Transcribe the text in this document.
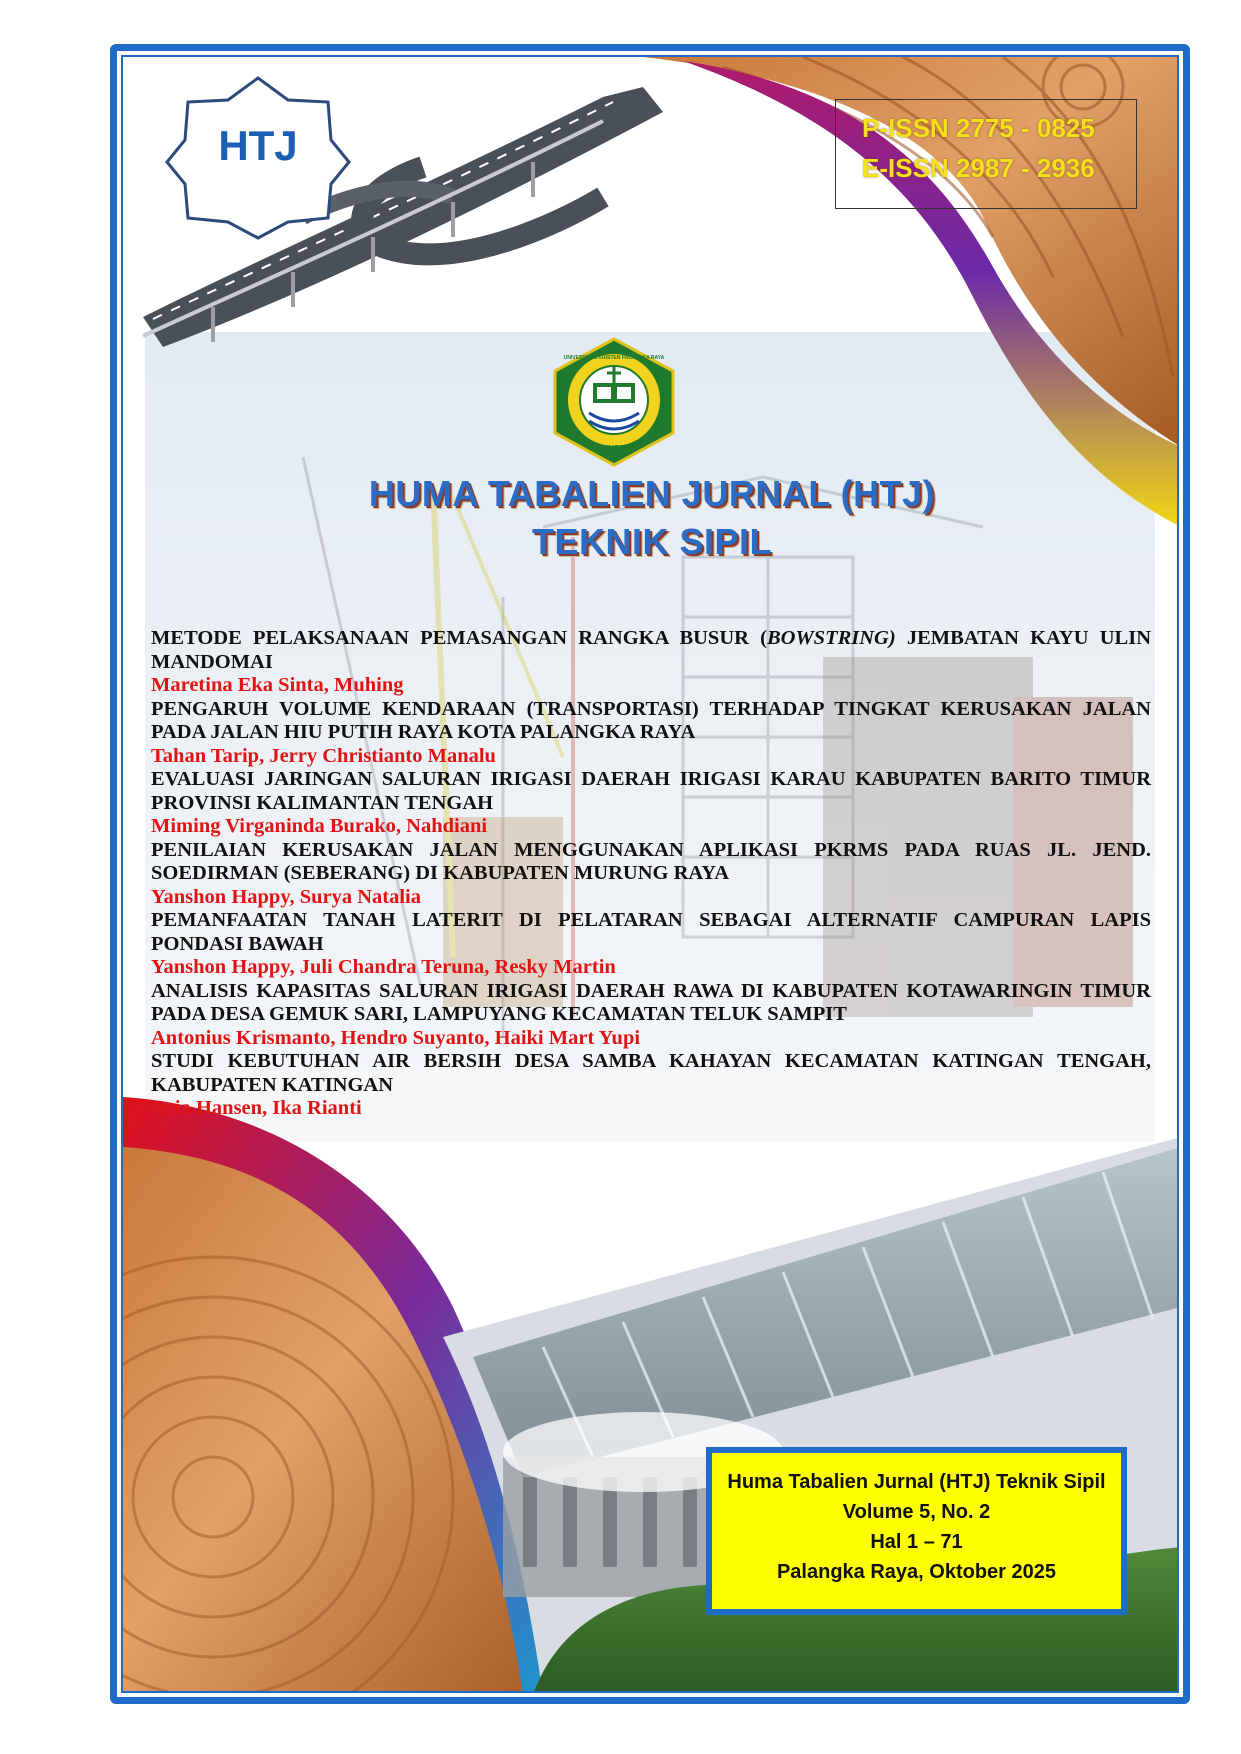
HTJ	P-ISSN 2775 - 0825
E-ISSN 2987 - 2936
UNIVERSITAS KRISTEN PALANGKA RAYA
UKPR
HUMA TABALIEN JURNAL (HTJ)
TEKNIK SIPIL
METODE PELAKSANAAN PEMASANGAN RANGKA BUSUR (BOWSTRING) JEMBATAN KAYU ULIN MANDOMAI
Maretina Eka Sinta, Muhing
PENGARUH VOLUME KENDARAAN (TRANSPORTASI) TERHADAP TINGKAT KERUSAKAN JALAN PADA JALAN HIU PUTIH RAYA KOTA PALANGKA RAYA
Tahan Tarip, Jerry Christianto Manalu
EVALUASI JARINGAN SALURAN IRIGASI DAERAH IRIGASI KARAU KABUPATEN BARITO TIMUR PROVINSI KALIMANTAN TENGAH
Miming Virganinda Burako, Nahdiani
PENILAIAN KERUSAKAN JALAN MENGGUNAKAN APLIKASI PKRMS PADA RUAS JL. JEND. SOEDIRMAN (SEBERANG) DI KABUPATEN MURUNG RAYA
Yanshon Happy, Surya Natalia
PEMANFAATAN TANAH LATERIT DI PELATARAN SEBAGAI ALTERNATIF CAMPURAN LAPIS PONDASI BAWAH
Yanshon Happy, Juli Chandra Teruna, Resky Martin
ANALISIS KAPASITAS SALURAN IRIGASI DAERAH RAWA DI KABUPATEN KOTAWARINGIN TIMUR PADA DESA GEMUK SARI, LAMPUYANG KECAMATAN TELUK SAMPIT
Antonius Krismanto, Hendro Suyanto, Haiki Mart Yupi
STUDI KEBUTUHAN AIR BERSIH DESA SAMBA KAHAYAN KECAMATAN KATINGAN TENGAH, KABUPATEN KATINGAN
Aria Hansen, Ika Rianti
Huma Tabalien Jurnal (HTJ) Teknik Sipil
Volume 5, No. 2
Hal 1 – 71
Palangka Raya, Oktober 2025
